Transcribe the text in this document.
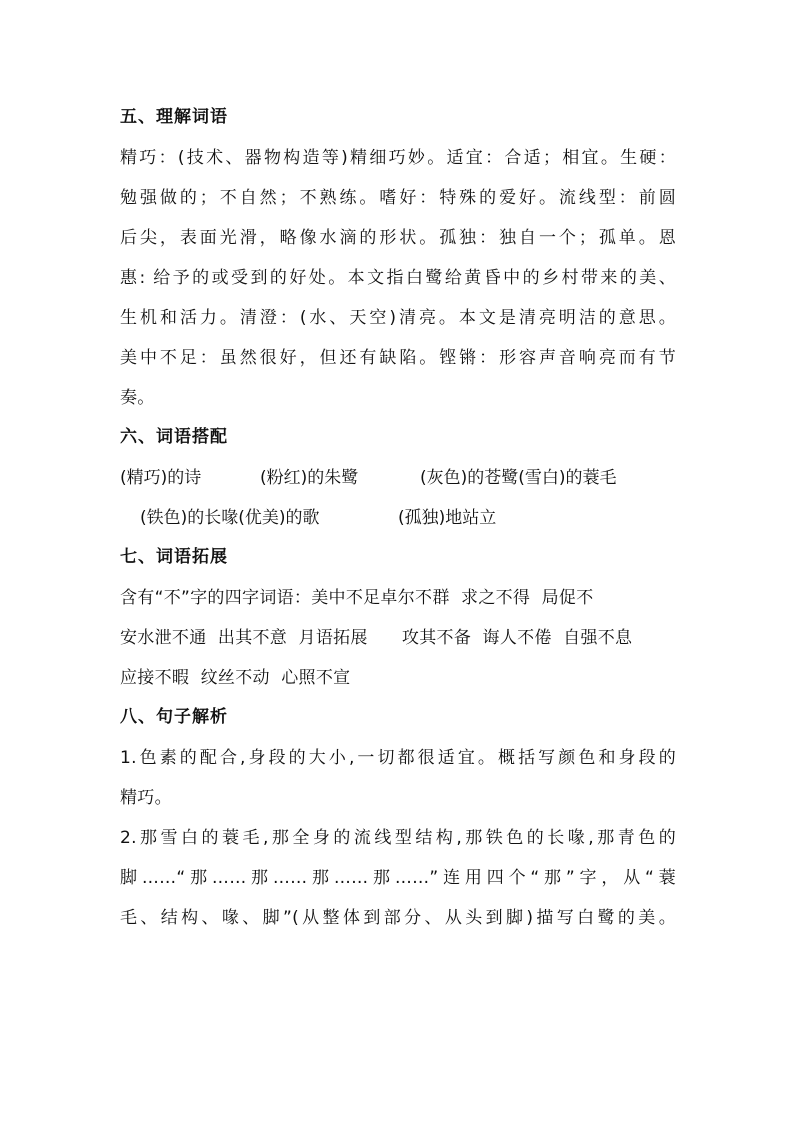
五、理解词语
精巧：(技术、器物构造等)精细巧妙。适宜：合适；相宜。生硬：
勉强做的；不自然；不熟练。嗜好：特殊的爱好。流线型：前圆
后尖，表面光滑，略像水滴的形状。孤独：独自一个；孤单。恩
惠: 给予的或受到的好处。本文指白鹭给黄昏中的乡村带来的美、
生机和活力。清澄：(水、天空)清亮。本文是清亮明洁的意思。
美中不足：虽然很好，但还有缺陷。铿锵：形容声音响亮而有节
奏。
六、词语搭配
(精巧)的诗	(粉红)的朱鹭	(灰色)的苍鹭(雪白)的蓑毛
(铁色)的长喙(优美)的歌	(孤独)地站立
七、词语拓展
含有“不”字的四字词语：美中不足卓尔不群  求之不得  局促不
安水泄不通  出其不意  月语拓展      攻其不备  诲人不倦  自强不息
应接不暇  纹丝不动  心照不宣
八、句子解析
1.色素的配合,身段的大小,一切都很适宜。概括写颜色和身段的
精巧。
2.那雪白的蓑毛,那全身的流线型结构,那铁色的长喙,那青色的
脚……“那……那……那……那……”连用四个“那”字，从“蓑
毛、结构、喙、脚”(从整体到部分、从头到脚)描写白鹭的美。
